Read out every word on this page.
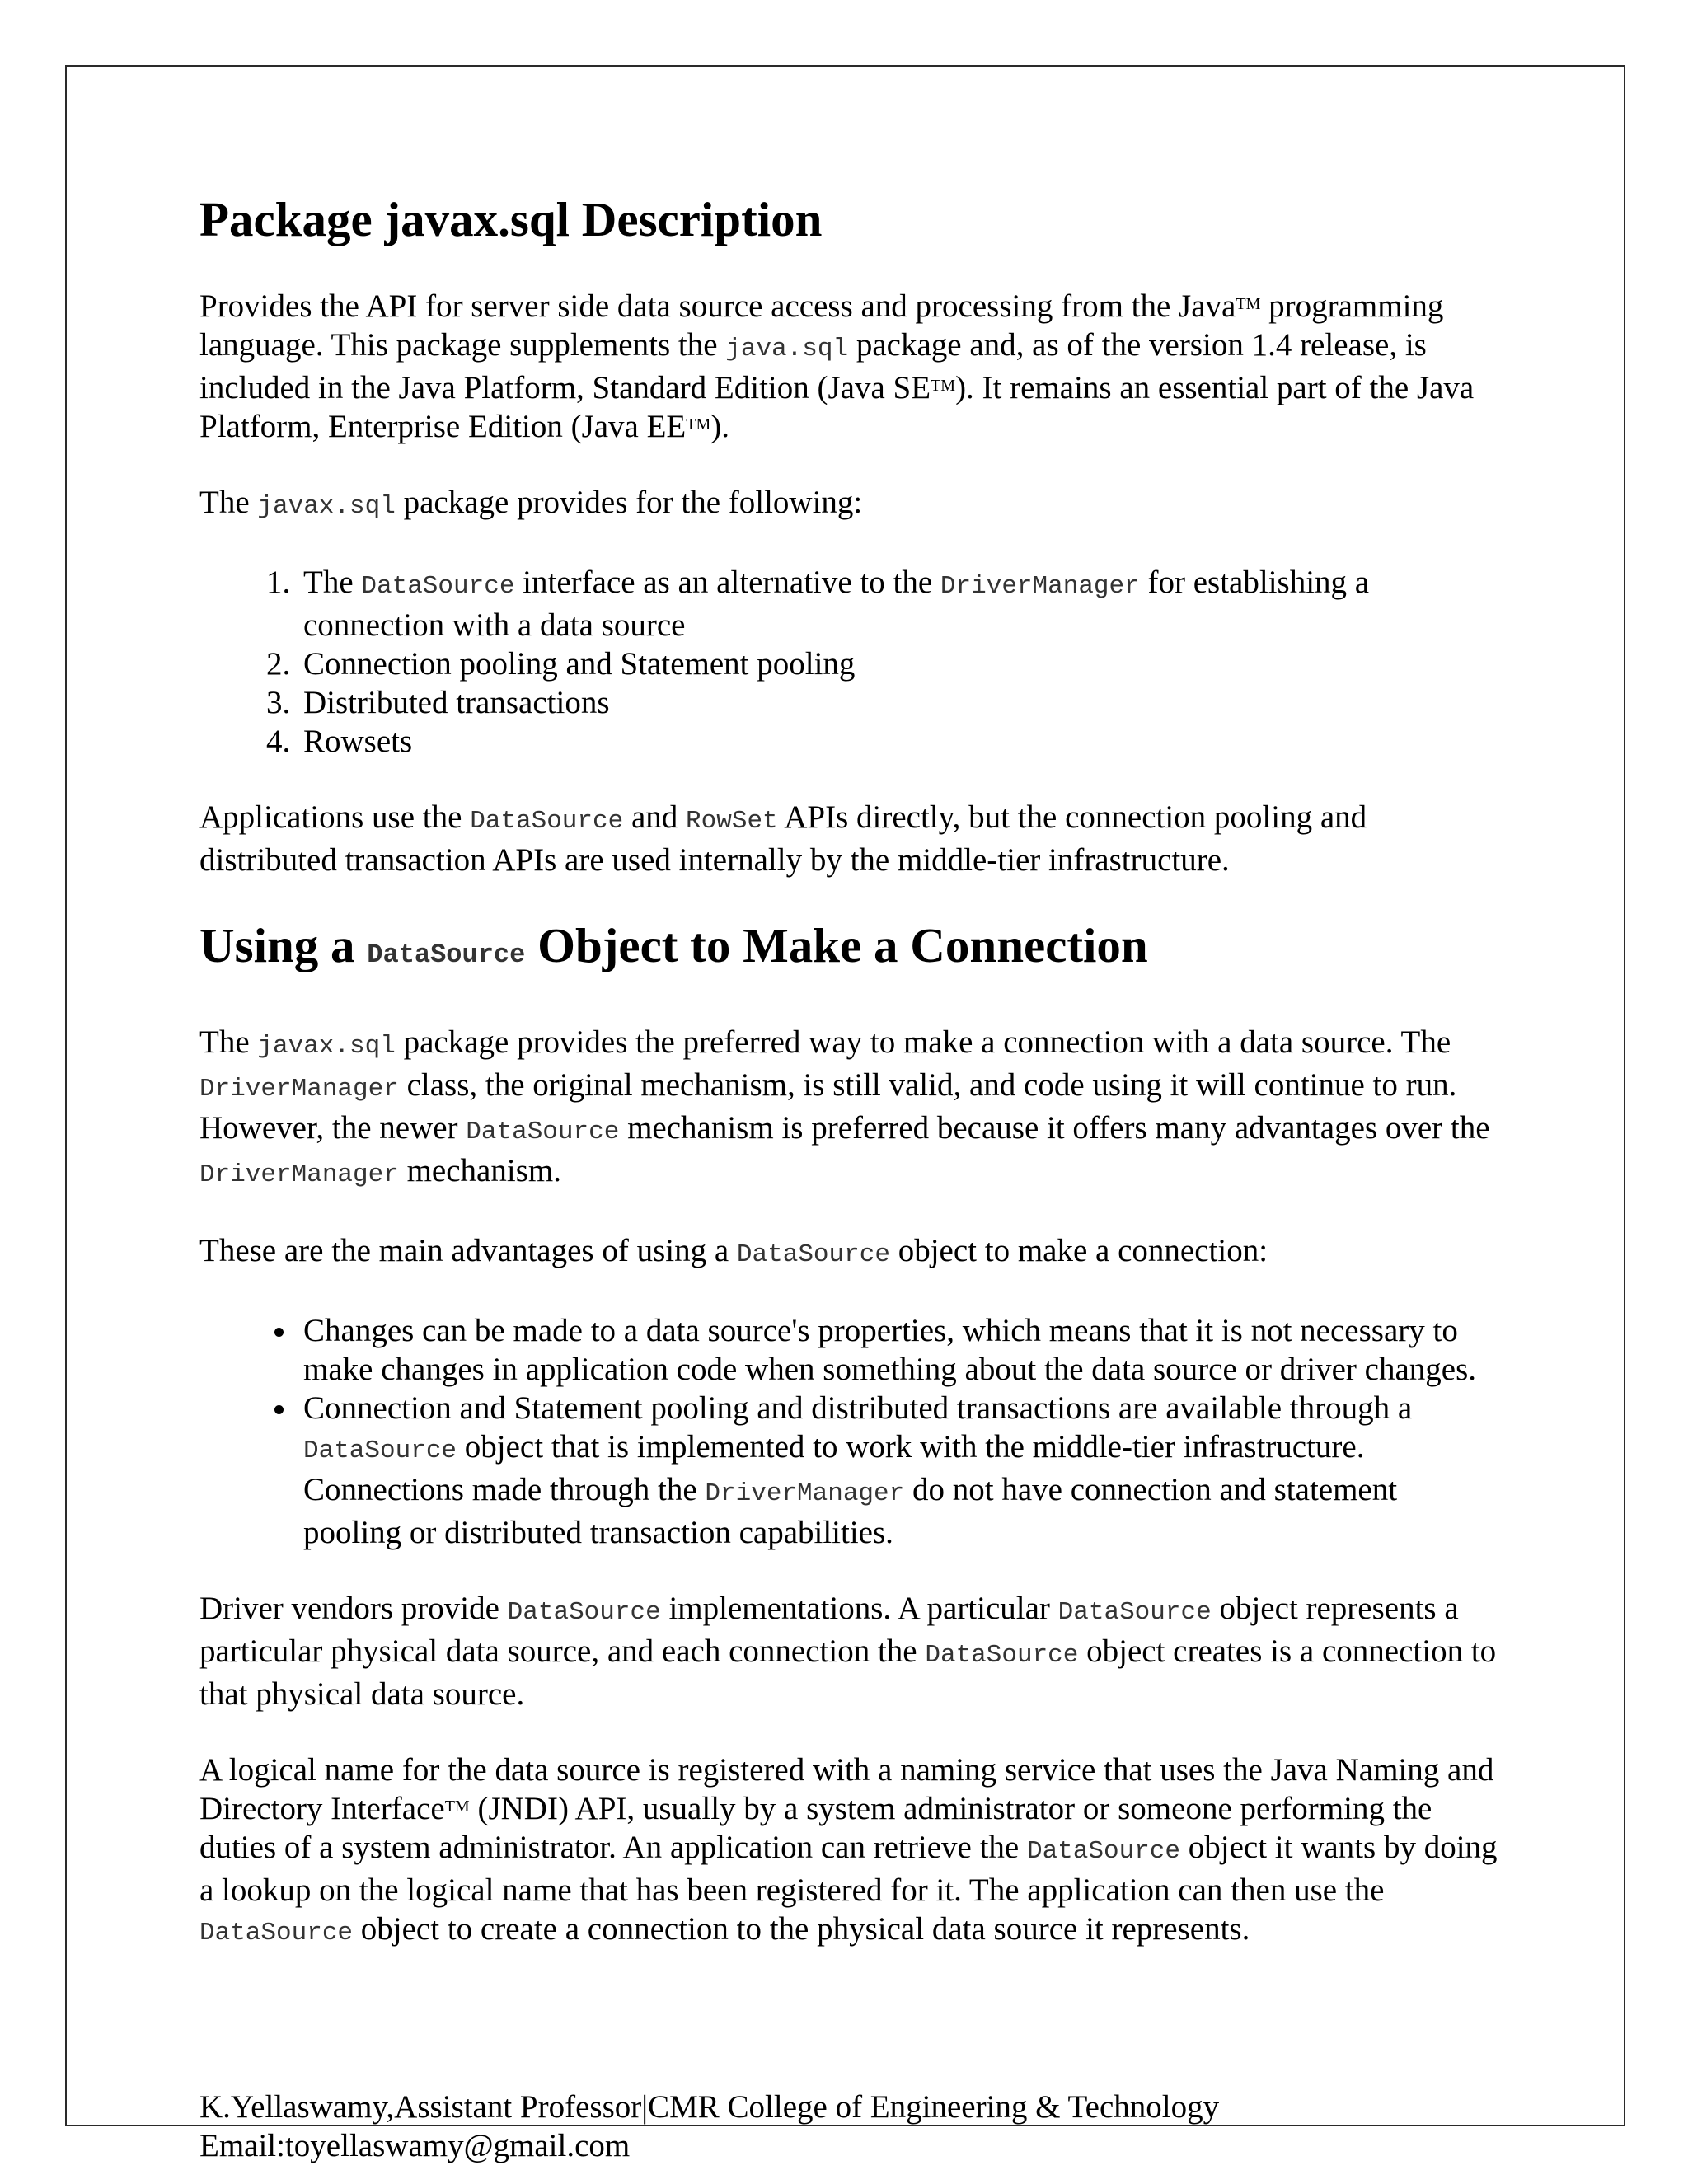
Package javax.sql Description

Provides the API for server side data source access and processing from the Java™ programming language. This package supplements the java.sql package and, as of the version 1.4 release, is included in the Java Platform, Standard Edition (Java SE™). It remains an essential part of the Java Platform, Enterprise Edition (Java EE™).

The javax.sql package provides for the following:

1. The DataSource interface as an alternative to the DriverManager for establishing a connection with a data source
2. Connection pooling and Statement pooling
3. Distributed transactions
4. Rowsets

Applications use the DataSource and RowSet APIs directly, but the connection pooling and distributed transaction APIs are used internally by the middle-tier infrastructure.

Using a DataSource Object to Make a Connection

The javax.sql package provides the preferred way to make a connection with a data source. The DriverManager class, the original mechanism, is still valid, and code using it will continue to run. However, the newer DataSource mechanism is preferred because it offers many advantages over the DriverManager mechanism.

These are the main advantages of using a DataSource object to make a connection:

• Changes can be made to a data source's properties, which means that it is not necessary to make changes in application code when something about the data source or driver changes.
• Connection and Statement pooling and distributed transactions are available through a DataSource object that is implemented to work with the middle-tier infrastructure. Connections made through the DriverManager do not have connection and statement pooling or distributed transaction capabilities.

Driver vendors provide DataSource implementations. A particular DataSource object represents a particular physical data source, and each connection the DataSource object creates is a connection to that physical data source.

A logical name for the data source is registered with a naming service that uses the Java Naming and Directory Interface™ (JNDI) API, usually by a system administrator or someone performing the duties of a system administrator. An application can retrieve the DataSource object it wants by doing a lookup on the logical name that has been registered for it. The application can then use the DataSource object to create a connection to the physical data source it represents.

K.Yellaswamy,Assistant Professor|CMR College of Engineering & Technology
Email:toyellaswamy@gmail.com
